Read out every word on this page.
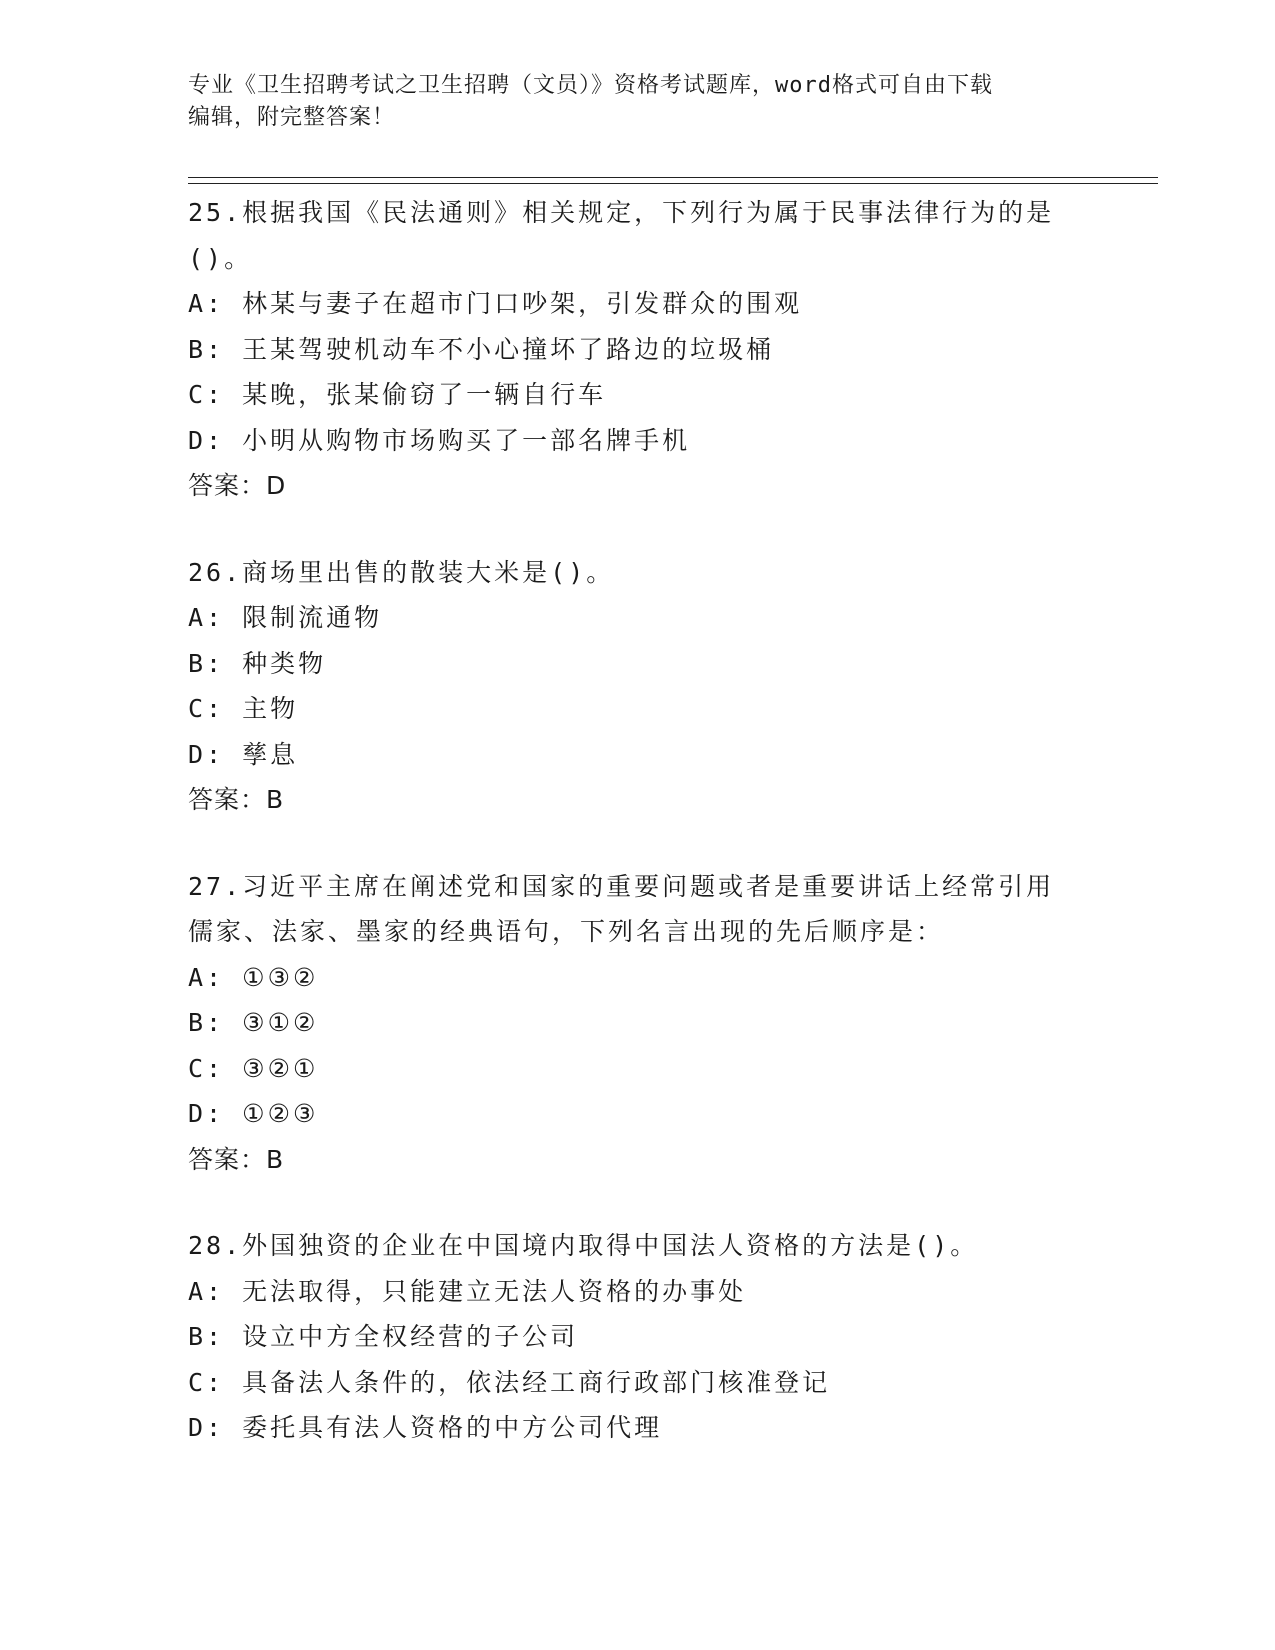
专业《卫生招聘考试之卫生招聘（文员）》资格考试题库，word格式可自由下载
编辑，附完整答案！
25.根据我国《民法通则》相关规定，下列行为属于民事法律行为的是
()。
A: 林某与妻子在超市门口吵架，引发群众的围观
B: 王某驾驶机动车不小心撞坏了路边的垃圾桶
C: 某晚，张某偷窃了一辆自行车
D: 小明从购物市场购买了一部名牌手机
答案：D
26.商场里出售的散装大米是()。
A: 限制流通物
B: 种类物
C: 主物
D: 孳息
答案：B
27.习近平主席在阐述党和国家的重要问题或者是重要讲话上经常引用
儒家、法家、墨家的经典语句，下列名言出现的先后顺序是：
A: ①③②
B: ③①②
C: ③②①
D: ①②③
答案：B
28.外国独资的企业在中国境内取得中国法人资格的方法是()。
A: 无法取得，只能建立无法人资格的办事处
B: 设立中方全权经营的子公司
C: 具备法人条件的，依法经工商行政部门核准登记
D: 委托具有法人资格的中方公司代理
